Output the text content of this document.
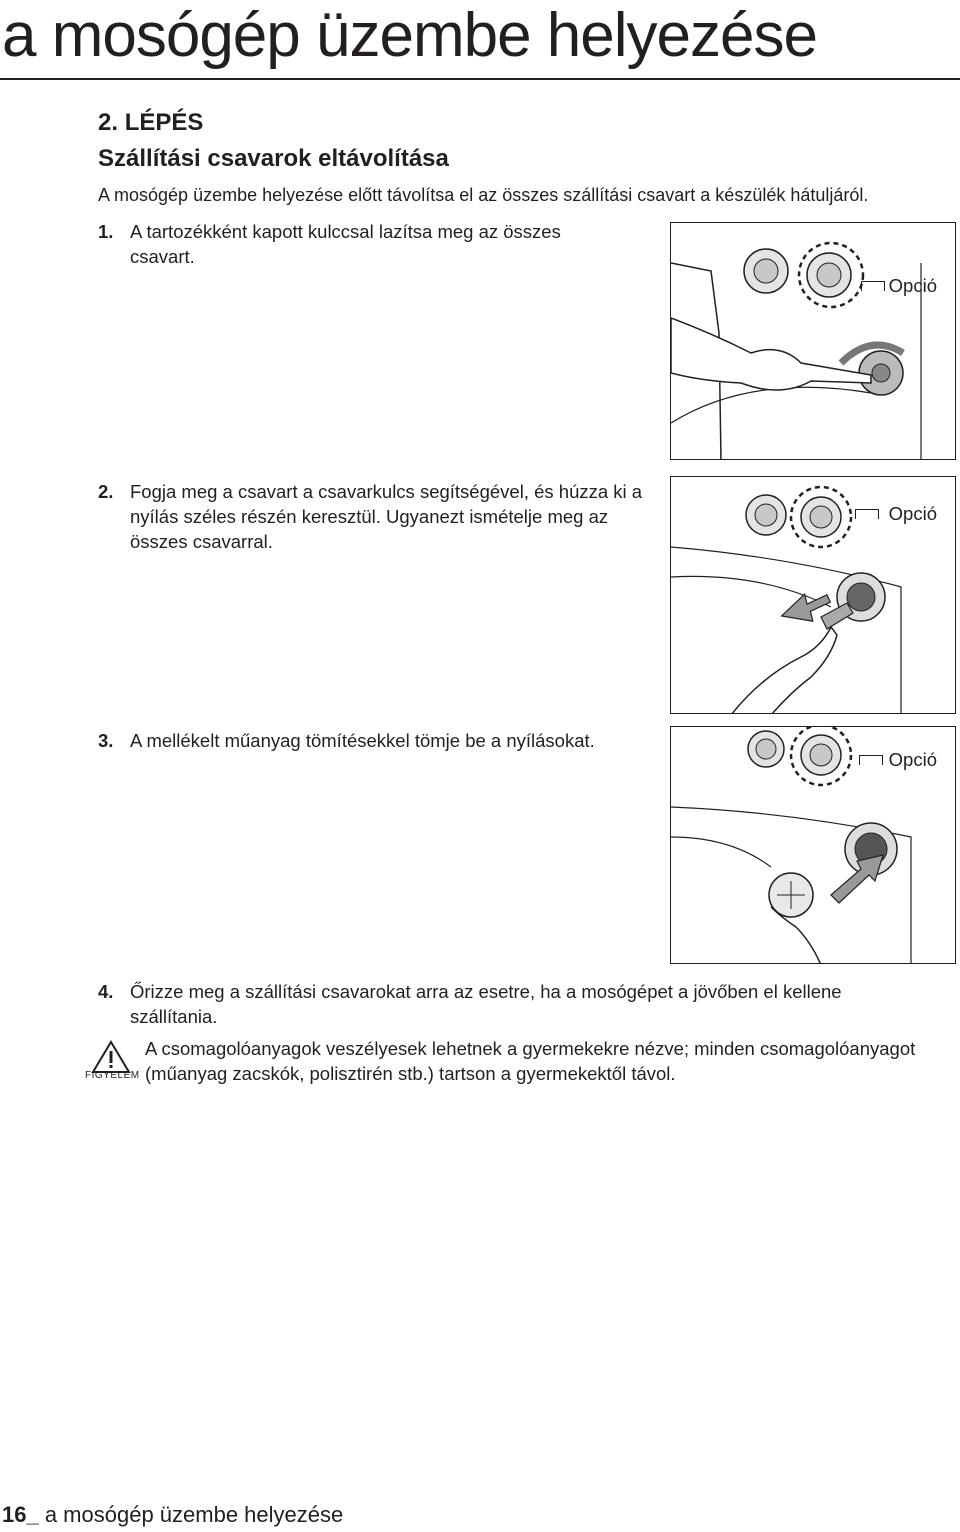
a mosógép üzembe helyezése
2. LÉPÉS
Szállítási csavarok eltávolítása

A mosógép üzembe helyezése előtt távolítsa el az összes szállítási csavart a készülék hátuljáról.

1. A tartozékként kapott kulccsal lazítsa meg az összes csavart.
Opció
2. Fogja meg a csavart a csavarkulcs segítségével, és húzza ki a nyílás széles részén keresztül. Ugyanezt ismételje meg az összes csavarral.
Opció
3. A mellékelt műanyag tömítésekkel tömje be a nyílásokat.
Opció
4. Őrizze meg a szállítási csavarokat arra az esetre, ha a mosógépet a jövőben el kellene szállítania.
FIGYELEM

A csomagolóanyagok veszélyesek lehetnek a gyermekekre nézve; minden csomagolóanyagot (műanyag zacskók, polisztirén stb.) tartson a gyermekektől távol.

16_ a mosógép üzembe helyezése
